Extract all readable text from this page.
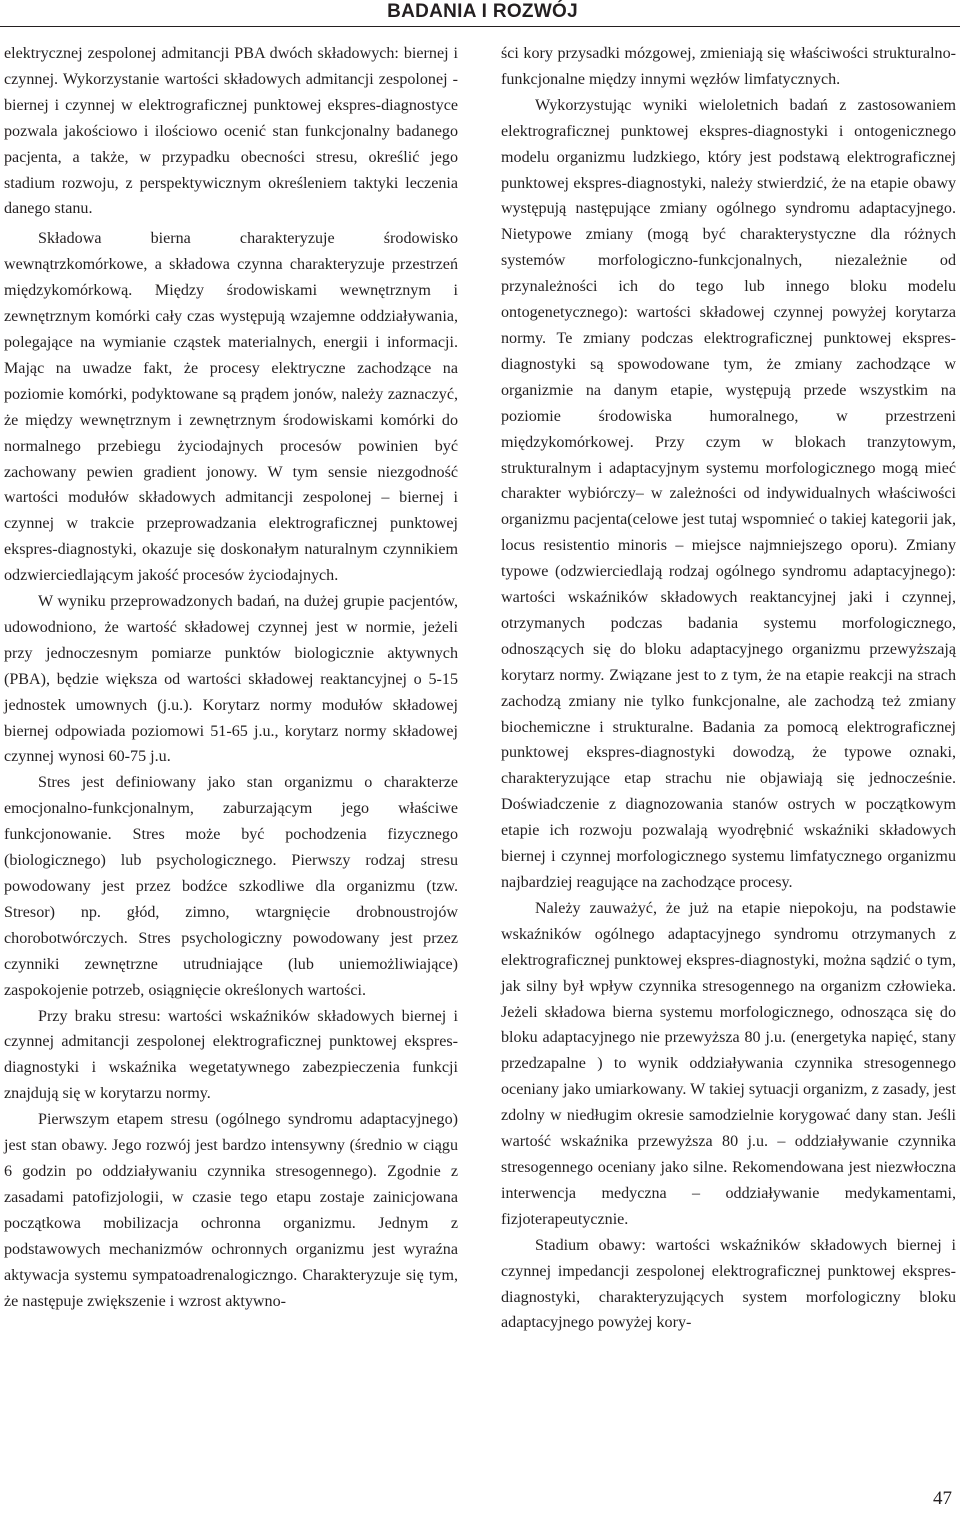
BADANIA I ROZWÓJ

elektrycznej zespolonej admitancji PBA dwóch składowych: biernej i czynnej. Wykorzystanie wartości składowych admitancji zespolonej - biernej i czynnej w elektrograficznej punktowej ekspres-diagnostyce pozwala jakościowo i ilościowo ocenić stan funkcjonalny badanego pacjenta, a także, w przypadku obecności stresu, określić jego stadium rozwoju, z perspektywicznym określeniem taktyki leczenia danego stanu.

Składowa bierna charakteryzuje środowisko wewnątrzkomórkowe, a składowa czynna charakteryzuje przestrzeń międzykomórkową. Między środowiskami wewnętrznym i zewnętrznym komórki cały czas występują wzajemne oddziaływania, polegające na wymianie cząstek materialnych, energii i informacji. Mając na uwadze fakt, że procesy elektryczne zachodzące na poziomie komórki, podyktowane są prądem jonów, należy zaznaczyć, że między wewnętrznym i zewnętrznym środowiskami komórki do normalnego przebiegu życiodajnych procesów powinien być zachowany pewien gradient jonowy. W tym sensie niezgodność wartości modułów składowych admitancji zespolonej – biernej i czynnej w trakcie przeprowadzania elektrograficznej punktowej ekspres-diagnostyki, okazuje się doskonałym naturalnym czynnikiem odzwierciedlającym jakość procesów życiodajnych.

W wyniku przeprowadzonych badań, na dużej grupie pacjentów, udowodniono, że wartość składowej czynnej jest w normie, jeżeli przy jednoczesnym pomiarze punktów biologicznie aktywnych (PBA), będzie większa od wartości składowej reaktancyjnej o 5-15 jednostek umownych (j.u.). Korytarz normy modułów składowej biernej odpowiada poziomowi 51-65 j.u., korytarz normy składowej czynnej wynosi 60-75 j.u.

Stres jest definiowany jako stan organizmu o charakterze emocjonalno-funkcjonalnym, zaburzającym jego właściwe funkcjonowanie. Stres może być pochodzenia fizycznego (biologicznego) lub psychologicznego. Pierwszy rodzaj stresu powodowany jest przez bodźce szkodliwe dla organizmu (tzw. Stresor) np. głód, zimno, wtargnięcie drobnoustrojów chorobotwórczych. Stres psychologiczny powodowany jest przez czynniki zewnętrzne utrudniające (lub uniemożliwiające) zaspokojenie potrzeb, osiągnięcie określonych wartości.

Przy braku stresu: wartości wskaźników składowych biernej i czynnej admitancji zespolonej elektrograficznej punktowej ekspres-diagnostyki i wskaźnika wegetatywnego zabezpieczenia funkcji znajdują się w korytarzu normy.

Pierwszym etapem stresu (ogólnego syndromu adaptacyjnego) jest stan obawy. Jego rozwój jest bardzo intensywny (średnio w ciągu 6 godzin po oddziaływaniu czynnika stresogennego). Zgodnie z zasadami patofizjologii, w czasie tego etapu zostaje zainicjowana początkowa mobilizacja ochronna organizmu. Jednym z podstawowych mechanizmów ochronnych organizmu jest wyraźna aktywacja systemu sympatoadrenalogiczngo. Charakteryzuje się tym, że następuje zwiększenie i wzrost aktywno-

ści kory przysadki mózgowej, zmieniają się właściwości strukturalno-funkcjonalne między innymi węzłów limfatycznych.

Wykorzystując wyniki wieloletnich badań z zastosowaniem elektrograficznej punktowej ekspres-diagnostyki i ontogenicznego modelu organizmu ludzkiego, który jest podstawą elektrograficznej punktowej ekspres-diagnostyki, należy stwierdzić, że na etapie obawy występują następujące zmiany ogólnego syndromu adaptacyjnego. Nietypowe zmiany (mogą być charakterystyczne dla różnych systemów morfologiczno-funkcjonalnych, niezależnie od przynależności ich do tego lub innego bloku modelu ontogenetycznego): wartości składowej czynnej powyżej korytarza normy. Te zmiany podczas elektrograficznej punktowej ekspres-diagnostyki są spowodowane tym, że zmiany zachodzące w organizmie na danym etapie, występują przede wszystkim na poziomie środowiska humoralnego, w przestrzeni międzykomórkowej. Przy czym w blokach tranzytowym, strukturalnym i adaptacyjnym systemu morfologicznego mogą mieć charakter wybiórczy– w zależności od indywidualnych właściwości organizmu pacjenta(celowe jest tutaj wspomnieć o takiej kategorii jak, locus resistentio minoris – miejsce najmniejszego oporu). Zmiany typowe (odzwierciedlają rodzaj ogólnego syndromu adaptacyjnego): wartości wskaźników składowych reaktancyjnej jaki i czynnej, otrzymanych podczas badania systemu morfologicznego, odnoszących się do bloku adaptacyjnego organizmu przewyższają korytarz normy. Związane jest to z tym, że na etapie reakcji na strach zachodzą zmiany nie tylko funkcjonalne, ale zachodzą też zmiany biochemiczne i strukturalne. Badania za pomocą elektrograficznej punktowej ekspres-diagnostyki dowodzą, że typowe oznaki, charakteryzujące etap strachu nie objawiają się jednocześnie. Doświadczenie z diagnozowania stanów ostrych w początkowym etapie ich rozwoju pozwalają wyodrębnić wskaźniki składowych biernej i czynnej morfologicznego systemu limfatycznego organizmu najbardziej reagujące na zachodzące procesy.

Należy zauważyć, że już na etapie niepokoju, na podstawie wskaźników ogólnego adaptacyjnego syndromu otrzymanych z elektrograficznej punktowej ekspres-diagnostyki, można sądzić o tym, jak silny był wpływ czynnika stresogennego na organizm człowieka. Jeżeli składowa bierna systemu morfologicznego, odnosząca się do bloku adaptacyjnego nie przewyższa 80 j.u. (energetyka napięć, stany przedzapalne ) to wynik oddziaływania czynnika stresogennego oceniany jako umiarkowany. W takiej sytuacji organizm, z zasady, jest zdolny w niedługim okresie samodzielnie korygować dany stan. Jeśli wartość wskaźnika przewyższa 80 j.u. – oddziaływanie czynnika stresogennego oceniany jako silne. Rekomendowana jest niezwłoczna interwencja medyczna – oddziaływanie medykamentami, fizjoterapeutycznie.

Stadium obawy: wartości wskaźników składowych biernej i czynnej impedancji zespolonej elektrograficznej punktowej ekspres-diagnostyki, charakteryzujących system morfologiczny bloku adaptacyjnego powyżej kory-

47
